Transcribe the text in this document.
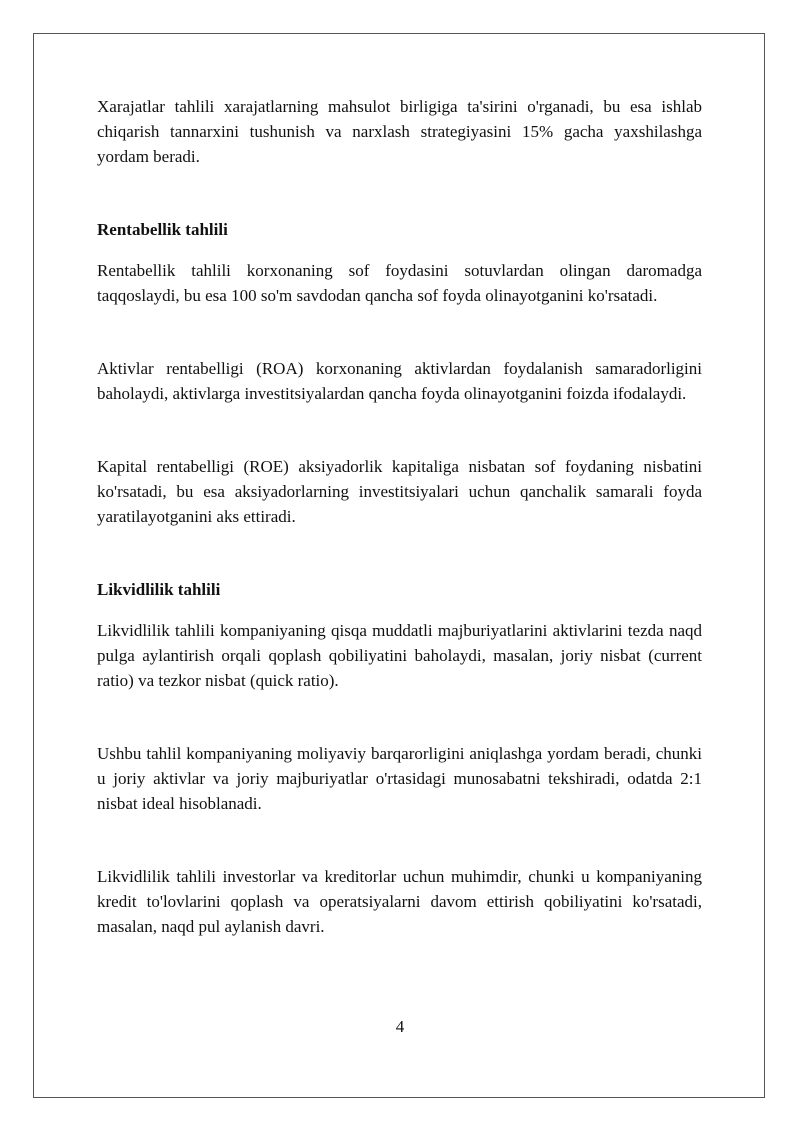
Xarajatlar tahlili xarajatlarning mahsulot birligiga ta'sirini o'rganadi, bu esa ishlab chiqarish tannarxini tushunish va narxlash strategiyasini 15% gacha yaxshilashga yordam beradi.

Rentabellik tahlili

Rentabellik tahlili korxonaning sof foydasini sotuvlardan olingan daromadga taqqoslaydi, bu esa 100 so'm savdodan qancha sof foyda olinayotganini ko'rsatadi.

Aktivlar rentabelligi (ROA) korxonaning aktivlardan foydalanish samaradorligini baholaydi, aktivlarga investitsiyalardan qancha foyda olinayotganini foizda ifodalaydi.

Kapital rentabelligi (ROE) aksiyadorlik kapitaliga nisbatan sof foydaning nisbatini ko'rsatadi, bu esa aksiyadorlarning investitsiyalari uchun qanchalik samarali foyda yaratilayotganini aks ettiradi.

Likvidlilik tahlili

Likvidlilik tahlili kompaniyaning qisqa muddatli majburiyatlarini aktivlarini tezda naqd pulga aylantirish orqali qoplash qobiliyatini baholaydi, masalan, joriy nisbat (current ratio) va tezkor nisbat (quick ratio).

Ushbu tahlil kompaniyaning moliyaviy barqarorligini aniqlashga yordam beradi, chunki u joriy aktivlar va joriy majburiyatlar o'rtasidagi munosabatni tekshiradi, odatda 2:1 nisbat ideal hisoblanadi.

Likvidlilik tahlili investorlar va kreditorlar uchun muhimdir, chunki u kompaniyaning kredit to'lovlarini qoplash va operatsiyalarni davom ettirish qobiliyatini ko'rsatadi, masalan, naqd pul aylanish davri.

4
